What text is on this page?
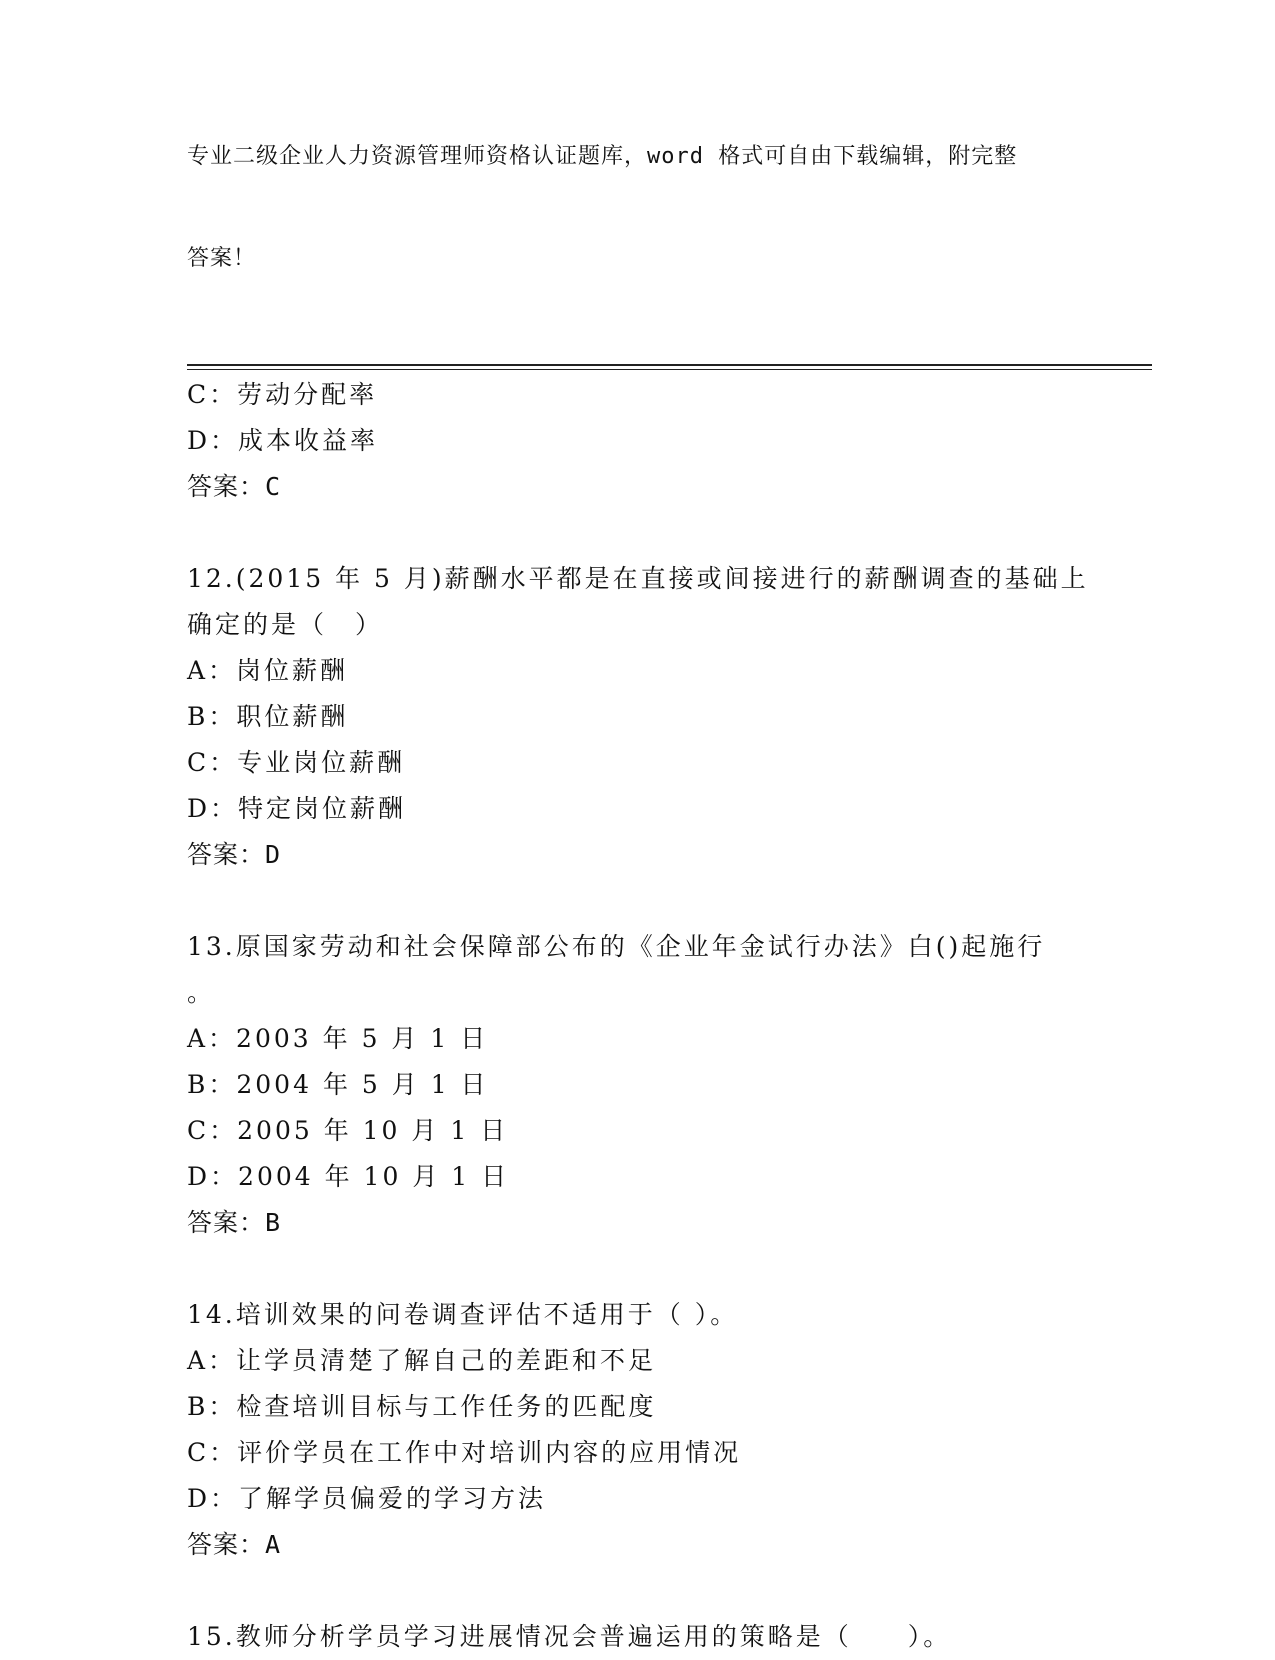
专业二级企业人力资源管理师资格认证题库，word 格式可自由下载编辑，附完整

答案！

C：劳动分配率
D：成本收益率
答案：C
12.(2015 年 5 月)薪酬水平都是在直接或间接进行的薪酬调查的基础上
确定的是（　）
A：岗位薪酬
B：职位薪酬
C：专业岗位薪酬
D：特定岗位薪酬
答案：D
13.原国家劳动和社会保障部公布的《企业年金试行办法》白()起施行
。
A：2003 年 5 月 1 日
B：2004 年 5 月 1 日
C：2005 年 10 月 1 日
D：2004 年 10 月 1 日
答案：B
14.培训效果的问卷调查评估不适用于（ ）。
A：让学员清楚了解自己的差距和不足
B：检查培训目标与工作任务的匹配度
C：评价学员在工作中对培训内容的应用情况
D：了解学员偏爱的学习方法
答案：A
15.教师分析学员学习进展情况会普遍运用的策略是（　　）。
